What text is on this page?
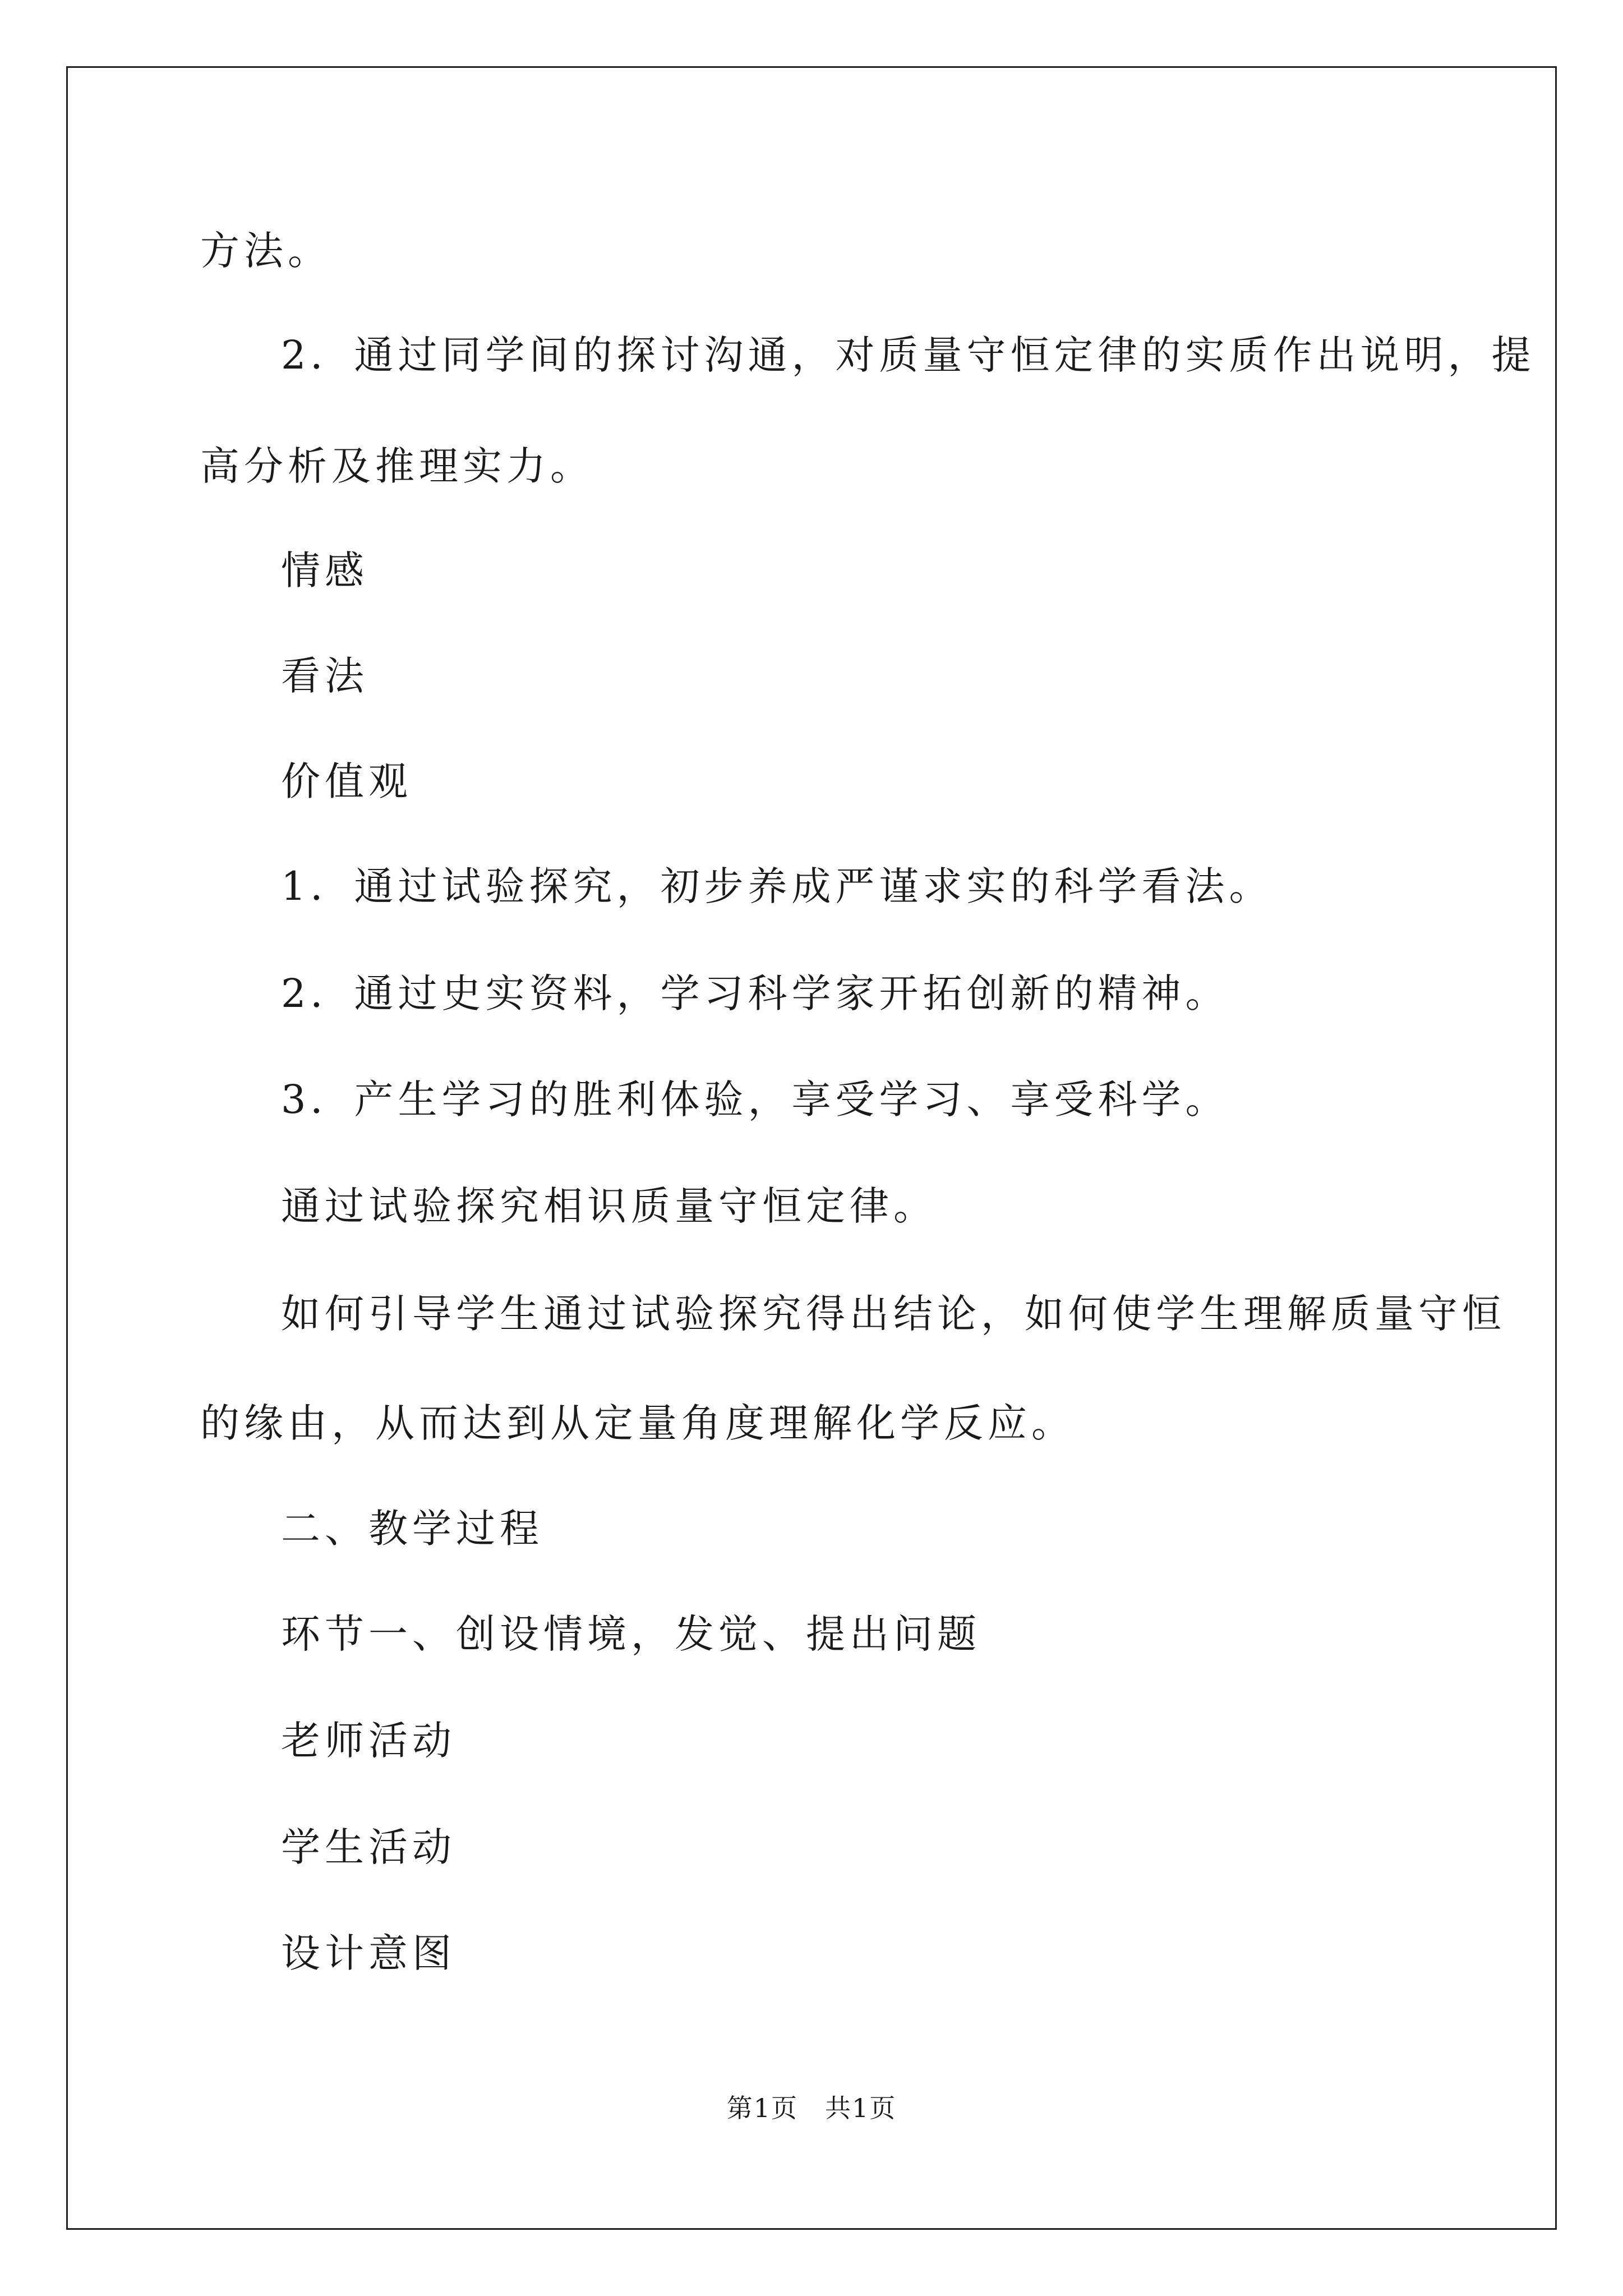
方法。
2．通过同学间的探讨沟通，对质量守恒定律的实质作出说明，提
高分析及推理实力。
情感
看法
价值观
1．通过试验探究，初步养成严谨求实的科学看法。
2．通过史实资料，学习科学家开拓创新的精神。
3．产生学习的胜利体验，享受学习、享受科学。
通过试验探究相识质量守恒定律。
如何引导学生通过试验探究得出结论，如何使学生理解质量守恒
的缘由，从而达到从定量角度理解化学反应。
二、教学过程
环节一、创设情境，发觉、提出问题
老师活动
学生活动
设计意图
第1页　共1页
